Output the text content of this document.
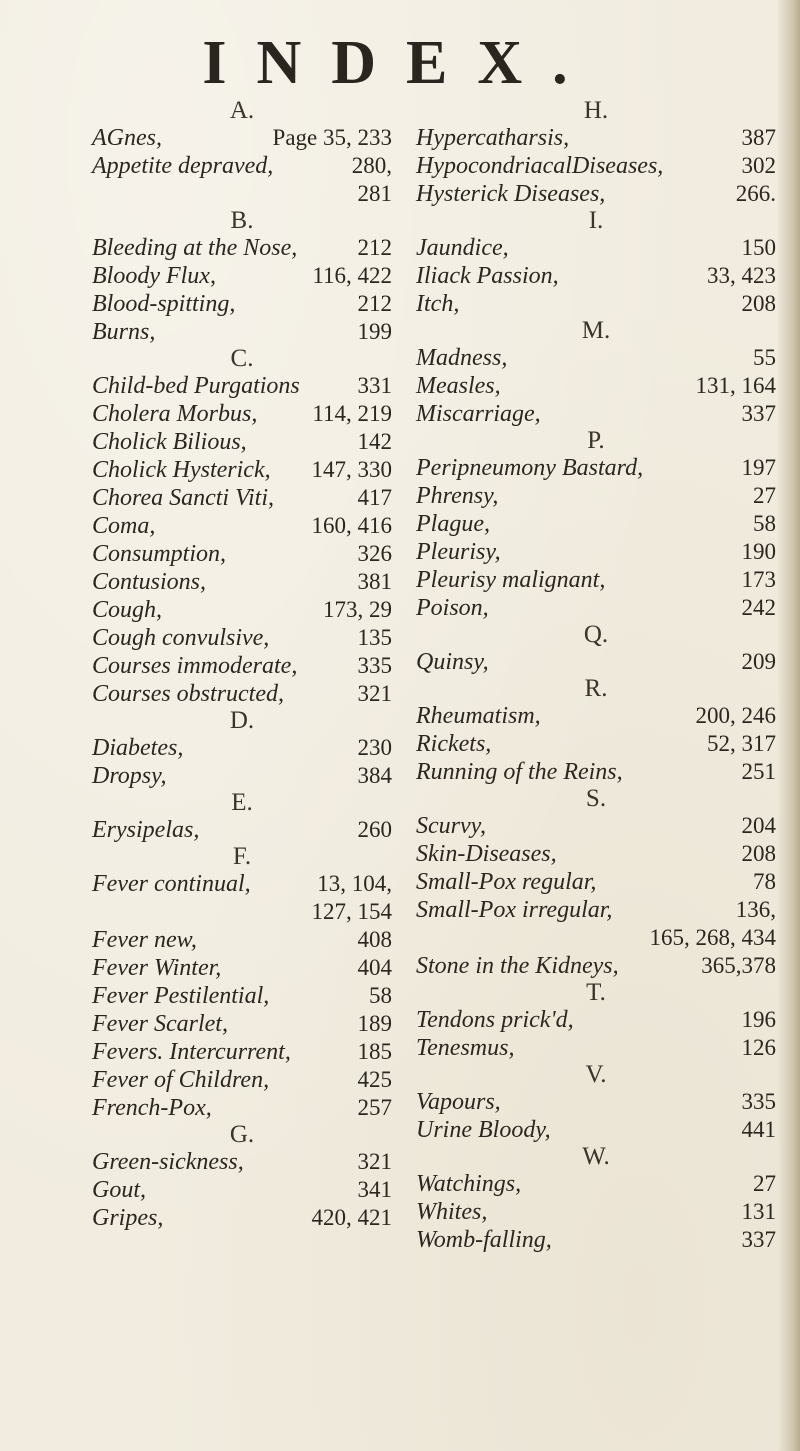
INDEX.
A.
AGnes,	Page 35, 233
Appetite depraved,	280,
281
B.
Bleeding at the Nose,	212
Bloody Flux,	116, 422
Blood-spitting,	212
Burns,	199
C.
Child-bed Purgations	331
Cholera Morbus, 114, 219
Cholick Bilious,	142
Cholick Hysterick, 147, 330
Chorea Sancti Viti,	417
Coma,	160, 416
Consumption,	326
Contusions,	381
Cough,	173, 29
Cough convulsive,	135
Courses immoderate,	335
Courses obstructed,	321
D.
Diabetes,	230
Dropsy,	384
E.
Erysipelas,	260
F.
Fever continual,	13, 104,
127, 154
Fever new,	408
Fever Winter,	404
Fever Pestilential,	58
Fever Scarlet,	189
Fevers. Intercurrent,	185
Fever of Children,	425
French-Pox,	257
G.
Green-sickness,	321
Gout,	341
Gripes,	420, 421
H.
Hypercatharsis,	387
HypocondriacalDiseases,	302
Hysterick Diseases,	266.
I.
Jaundice,	150
Iliack Passion,	33, 423
Itch,	208
M.
Madness,	55
Measles,	131, 164
Miscarriage,	337
P.
Peripneumony Bastard,	197
Phrensy,	27
Plague,	58
Pleurisy,	190
Pleurisy malignant,	173
Poison,	242
Q.
Quinsy,	209
R.
Rheumatism,	200, 246
Rickets,	52, 317
Running of the Reins,	251
S.
Scurvy,	204
Skin-Diseases,	208
Small-Pox regular,	78
Small-Pox irregular,	136,
165, 268, 434
Stone in the Kidneys,	365,378
T.
Tendons prick'd,	196
Tenesmus,	126
V.
Vapours,	335
Urine Bloody,	441
W.
Watchings,	27
Whites,	131
Womb-falling,	337
